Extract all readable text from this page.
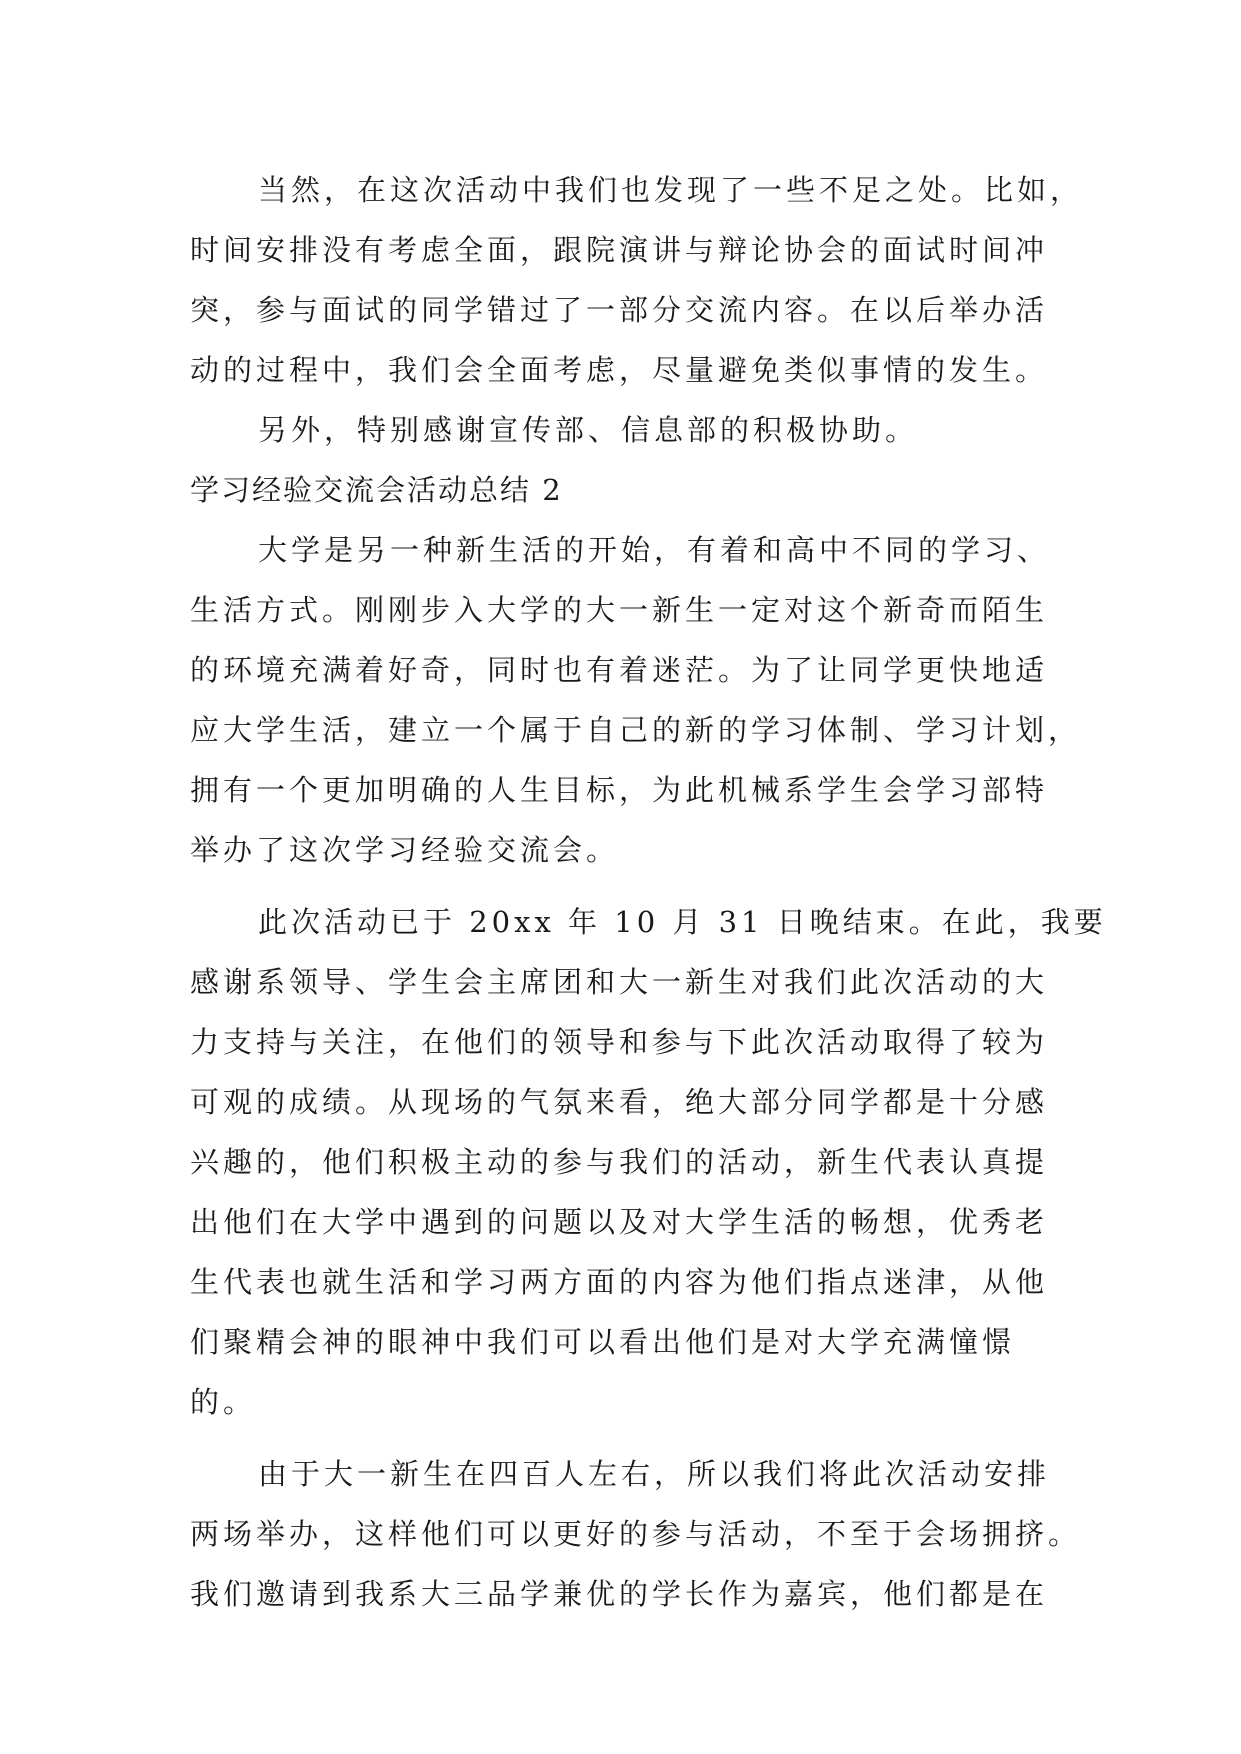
当然，在这次活动中我们也发现了一些不足之处。比如，
时间安排没有考虑全面，跟院演讲与辩论协会的面试时间冲
突，参与面试的同学错过了一部分交流内容。在以后举办活
动的过程中，我们会全面考虑，尽量避免类似事情的发生。
另外，特别感谢宣传部、信息部的积极协助。
学习经验交流会活动总结 2
大学是另一种新生活的开始，有着和高中不同的学习、
生活方式。刚刚步入大学的大一新生一定对这个新奇而陌生
的环境充满着好奇，同时也有着迷茫。为了让同学更快地适
应大学生活，建立一个属于自己的新的学习体制、学习计划，
拥有一个更加明确的人生目标，为此机械系学生会学习部特
举办了这次学习经验交流会。
此次活动已于 20xx 年 10 月 31 日晚结束。在此，我要
感谢系领导、学生会主席团和大一新生对我们此次活动的大
力支持与关注，在他们的领导和参与下此次活动取得了较为
可观的成绩。从现场的气氛来看，绝大部分同学都是十分感
兴趣的，他们积极主动的参与我们的活动，新生代表认真提
出他们在大学中遇到的问题以及对大学生活的畅想，优秀老
生代表也就生活和学习两方面的内容为他们指点迷津，从他
们聚精会神的眼神中我们可以看出他们是对大学充满憧憬
的。
由于大一新生在四百人左右，所以我们将此次活动安排
两场举办，这样他们可以更好的参与活动，不至于会场拥挤。
我们邀请到我系大三品学兼优的学长作为嘉宾，他们都是在
